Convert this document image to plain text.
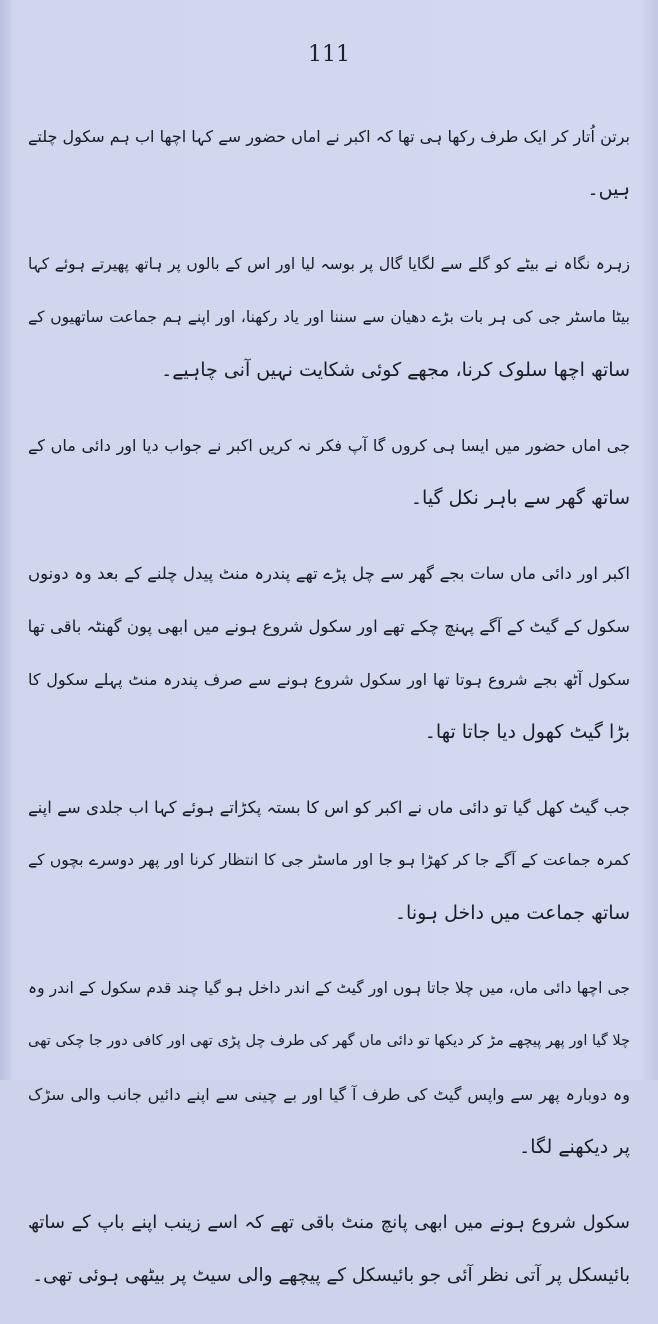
111
برتن اُتار کر ایک طرف رکھا ہی تھا کہ اکبر نے اماں حضور سے کہا اچھا اب ہم سکول چلتے
ہیں۔
زہرہ نگاہ نے بیٹے کو گلے سے لگایا گال پر بوسہ لیا اور اس کے بالوں پر ہاتھ پھیرتے ہوئے کہا
بیٹا ماسٹر جی کی ہر بات بڑے دھیان سے سننا اور یاد رکھنا، اور اپنے ہم جماعت ساتھیوں کے
ساتھ اچھا سلوک کرنا، مجھے کوئی شکایت نہیں آنی چاہیے۔
جی اماں حضور میں ایسا ہی کروں گا آپ فکر نہ کریں اکبر نے جواب دیا اور دائی ماں کے
ساتھ گھر سے باہر نکل گیا۔
اکبر اور دائی ماں سات بجے گھر سے چل پڑے تھے پندرہ منٹ پیدل چلنے کے بعد وہ دونوں
سکول کے گیٹ کے آگے پہنچ چکے تھے اور سکول شروع ہونے میں ابھی پون گھنٹہ باقی تھا
سکول آٹھ بجے شروع ہوتا تھا اور سکول شروع ہونے سے صرف پندرہ منٹ پہلے سکول کا
بڑا گیٹ کھول دیا جاتا تھا۔
جب گیٹ کھل گیا تو دائی ماں نے اکبر کو اس کا بستہ پکڑاتے ہوئے کہا اب جلدی سے اپنے
کمرہ جماعت کے آگے جا کر کھڑا ہو جا اور ماسٹر جی کا انتظار کرنا اور پھر دوسرے بچوں کے
ساتھ جماعت میں داخل ہونا۔
جی اچھا دائی ماں، میں چلا جاتا ہوں اور گیٹ کے اندر داخل ہو گیا چند قدم سکول کے اندر وہ
چلا گیا اور پھر پیچھے مڑ کر دیکھا تو دائی ماں گھر کی طرف چل پڑی تھی اور کافی دور جا چکی تھی
وہ دوبارہ پھر سے واپس گیٹ کی طرف آ گیا اور بے چینی سے اپنے دائیں جانب والی سڑک
پر دیکھنے لگا۔
سکول شروع ہونے میں ابھی پانچ منٹ باقی تھے کہ اسے زینب اپنے باپ کے ساتھ
بائیسکل پر آتی نظر آئی جو بائیسکل کے پیچھے والی سیٹ پر بیٹھی ہوئی تھی۔
